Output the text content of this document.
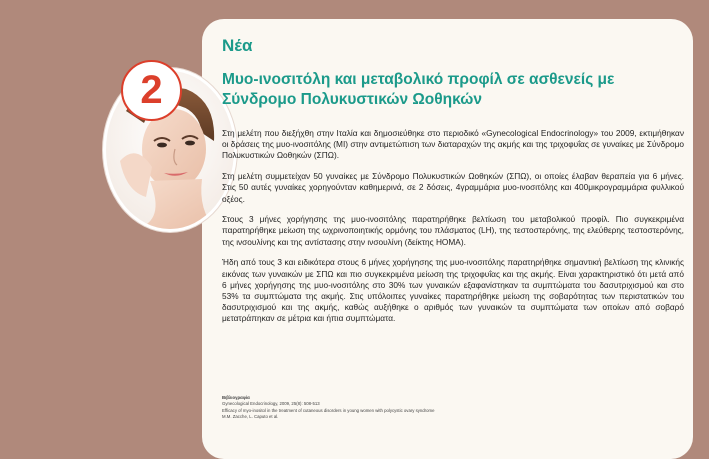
2
Νέα
Μυο-ινοσιτόλη και μεταβολικό προφίλ σε ασθενείς με Σύνδρομο Πολυκυστικών Ωοθηκών

Στη μελέτη που διεξήχθη στην Ιταλία και δημοσιεύθηκε στο περιοδικό «Gynecological Endocrinology» του 2009, εκτιμήθηκαν οι δράσεις της μυο-ινοσιτόλης (MI) στην αντιμετώπιση των διαταραχών της ακμής και της τριχοφυΐας σε γυναίκες με Σύνδρομο Πολυκυστικών Ωοθηκών (ΣΠΩ).

Στη μελέτη συμμετείχαν 50 γυναίκες με Σύνδρομο Πολυκυστικών Ωοθηκών (ΣΠΩ), οι οποίες έλαβαν θεραπεία για 6 μήνες. Στις 50 αυτές γυναίκες χορηγούνταν καθημερινά, σε 2 δόσεις, 4γραμμάρια μυο-ινοσιτόλης και 400μικρογραμμάρια φυλλικού οξέος.

Στους 3 μήνες χορήγησης της μυο-ινοσιτόλης παρατηρήθηκε βελτίωση του μεταβολικού προφίλ. Πιο συγκεκριμένα παρατηρήθηκε μείωση της ωχρινοποιητικής ορμόνης του πλάσματος (LH), της τεστοστερόνης, της ελεύθερης τεστοστερόνης, της ινσουλίνης και της αντίστασης στην ινσουλίνη (δείκτης HOMA).

Ήδη από τους 3 και ειδικότερα στους 6 μήνες χορήγησης της μυο-ινοσιτόλης παρατηρήθηκε σημαντική βελτίωση της κλινικής εικόνας των γυναικών με ΣΠΩ και πιο συγκεκριμένα μείωση της τριχοφυΐας και της ακμής. Είναι χαρακτηριστικό ότι μετά από 6 μήνες χορήγησης της μυο-ινοσιτόλης στο 30% των γυναικών εξαφανίστηκαν τα συμπτώματα του δασυτριχισμού και στο 53% τα συμπτώματα της ακμής. Στις υπόλοιπες γυναίκες παρατηρήθηκε μείωση της σοβαρότητας των περιστατικών του δασυτριχισμού και της ακμής, καθώς αυξήθηκε ο αριθμός των γυναικών τα συμπτώματα των οποίων από σοβαρό μετατράπηκαν σε μέτρια και ήπια συμπτώματα.

Βιβλιογραφία
Gynecological Endocrinology, 2009, 25(8): 508-513
Efficacy of myo-inositol in the treatment of cutaneous disorders in young women with polycystic ovary syndrome
M.M. Zacche, L. Caputo et al.
